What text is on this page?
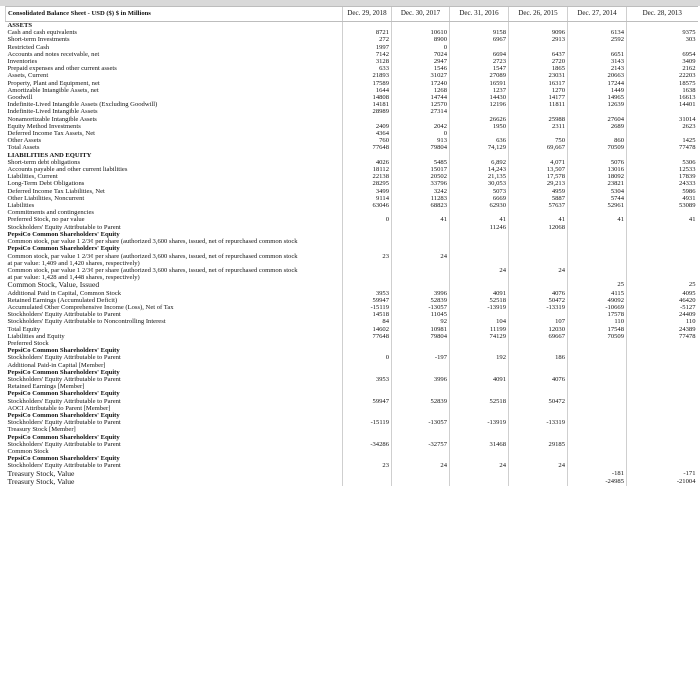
Consolidated Balance Sheet - USD ($) $ in Millions	Dec. 29, 2018	Dec. 30, 2017	Dec. 31, 2016	Dec. 26, 2015	Dec. 27, 2014	Dec. 28, 2013
ASSETS						
Cash and cash equivalents	8721	10610	9158	9096	6134	9375
Short-term Investments	272	8900	6967	2913	2592	303
Restricted Cash	1997	0				
Accounts and notes receivable, net	7142	7024	6694	6437	6651	6954
Inventories	3128	2947	2723	2720	3143	3409
Prepaid expenses and other current assets	633	1546	1547	1865	2143	2162
Assets, Current	21893	31027	27089	23031	20663	22203
Property, Plant and Equipment, net	17589	17240	16591	16317	17244	18575
Amortizable Intangible Assets, net	1644	1268	1237	1270	1449	1638
Goodwill	14808	14744	14430	14177	14965	16613
Indefinite-Lived Intangible Assets (Excluding Goodwill)	14181	12570	12196	11811	12639	14401
Indefinite-Lived Intangible Assets	28989	27314				
Nonamortizable Intangible Assets			26626	25988	27604	31014
Equity Method Investments	2409	2042	1950	2311	2689	2623
Deferred Income Tax Assets, Net	4364	0				
Other Assets	760	913	636	750	860	1425
Total Assets	77648	79804	74,129	69,667	70509	77478
LIABILITIES AND EQUITY						
Short-term debt obligations	4026	5485	6,892	4,071	5076	5306
Accounts payable and other current liabilities	18112	15017	14,243	13,507	13016	12533
Liabilities, Current	22138	20502	21,135	17,578	18092	17839
Long-Term Debt Obligations	28295	33796	30,053	29,213	23821	24333
Deferred Income Tax Liabilities, Net	3499	3242	5073	4959	5304	5986
Other Liabilities, Noncurrent	9114	11283	6669	5887	5744	4931
Liabilities	63046	68823	62930	57637	52961	53089
Commitments and contingencies						
Preferred Stock, no par value	0	41	41	41	41	41
Stockholders' Equity Attributable to Parent			11246	12068		
PepsiCo Common Shareholders' Equity						
Common stock, par value 1 2/3¢ per share (authorized 3,600 shares, issued, net of repurchased common stock						
PepsiCo Common Shareholders' Equity						
Common stock, par value 1 2/3¢ per share (authorized 3,600 shares, issued, net of repurchased common stock	23	24				
at par value: 1,409 and 1,420 shares, respectively)						
Common stock, par value 1 2/3¢ per share (authorized 3,600 shares, issued, net of repurchased common stock			24	24		
at par value: 1,428 and 1,448 shares, respectively)						
Common Stock, Value, Issued					25	25
Additional Paid in Capital, Common Stock	3953	3996	4091	4076	4115	4095
Retained Earnings (Accumulated Deficit)	59947	52839	52518	50472	49092	46420
Accumulated Other Comprehensive Income (Loss), Net of Tax	-15119	-13057	-13919	-13319	-10669	-5127
Stockholders' Equity Attributable to Parent	14518	11045			17578	24409
Stockholders' Equity Attributable to Noncontrolling Interest	84	92	104	107	110	110
Total Equity	14602	10981	11199	12030	17548	24389
Liabilities and Equity	77648	79804	74129	69667	70509	77478
Preferred Stock						
PepsiCo Common Shareholders' Equity						
Stockholders' Equity Attributable to Parent	0	-197	192	186		
Additional Paid-in Capital [Member]						
PepsiCo Common Shareholders' Equity						
Stockholders' Equity Attributable to Parent	3953	3996	4091	4076		
Retained Earnings [Member]						
PepsiCo Common Shareholders' Equity						
Stockholders' Equity Attributable to Parent	59947	52839	52518	50472		
AOCI Attributable to Parent [Member]						
PepsiCo Common Shareholders' Equity						
Stockholders' Equity Attributable to Parent	-15119	-13057	-13919	-13319		
Treasury Stock [Member]						
PepsiCo Common Shareholders' Equity						
Stockholders' Equity Attributable to Parent	-34286	-32757	31468	29185		
Common Stock						
PepsiCo Common Shareholders' Equity						
Stockholders' Equity Attributable to Parent	23	24	24	24		
Treasury Stock, Value					-181	-171
Treasury Stock, Value					-24985	-21004
